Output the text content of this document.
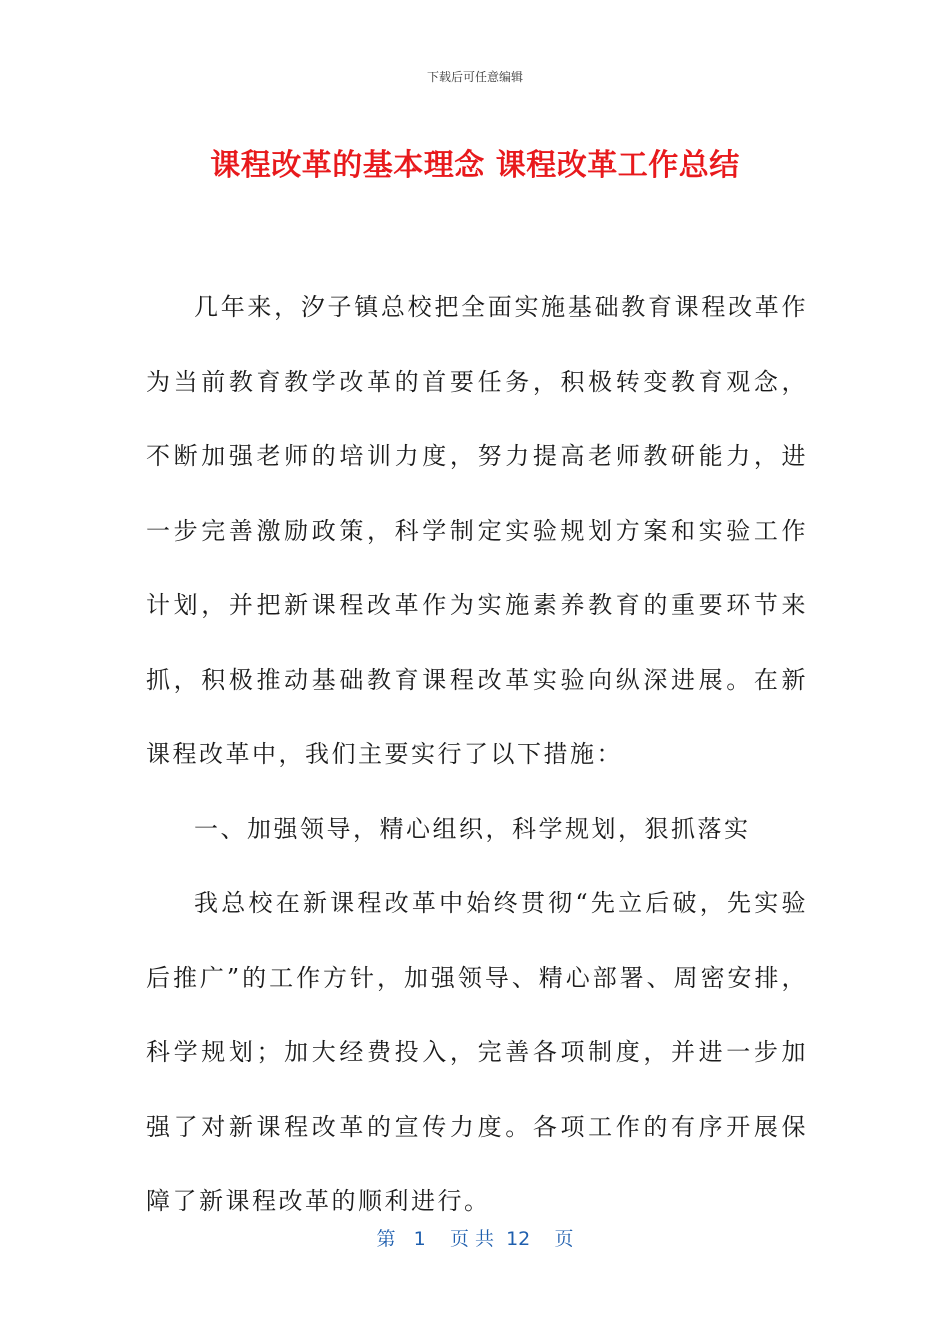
下载后可任意编辑
课程改革的基本理念 课程改革工作总结

几年来，汐子镇总校把全面实施基础教育课程改革作为当前教育教学改革的首要任务，积极转变教育观念，不断加强老师的培训力度，努力提高老师教研能力，进一步完善激励政策，科学制定实验规划方案和实验工作计划，并把新课程改革作为实施素养教育的重要环节来抓，积极推动基础教育课程改革实验向纵深进展。在新课程改革中，我们主要实行了以下措施：

一、加强领导，精心组织，科学规划，狠抓落实

我总校在新课程改革中始终贯彻“先立后破，先实验后推广”的工作方针，加强领导、精心部署、周密安排，科学规划；加大经费投入，完善各项制度，并进一步加强了对新课程改革的宣传力度。各项工作的有序开展保障了新课程改革的顺利进行。

第 1 页 共 12 页
